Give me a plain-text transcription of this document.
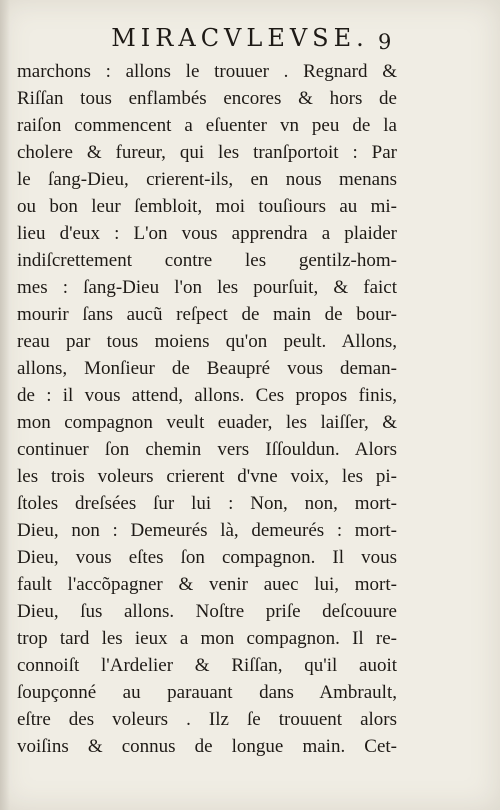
MIRACVLEVSE. 9
marchons : allons le trouuer . Regnard &
Riſſan tous enflambés encores & hors de
raiſon commencent a eſuenter vn peu de la
cholere & fureur, qui les tranſportoit : Par
le ſang-Dieu, crierent-ils, en nous menans
ou bon leur ſembloit, moi touſiours au mi-
lieu d'eux : L'on vous apprendra a plaider
indiſcrettement contre les gentilz-hom-
mes : ſang-Dieu l'on les pourſuit, & faict
mourir ſans aucũ reſpect de main de bour-
reau par tous moiens qu'on peult. Allons,
allons, Monſieur de Beaupré vous deman-
de : il vous attend, allons. Ces propos finis,
mon compagnon veult euader, les laiſſer, &
continuer ſon chemin vers Iſſouldun. Alors
les trois voleurs crierent d'vne voix, les pi-
ſtoles dreſsées ſur lui : Non, non, mort-
Dieu, non : Demeurés là, demeurés : mort-
Dieu, vous eſtes ſon compagnon. Il vous
fault l'accõpagner & venir auec lui, mort-
Dieu, ſus allons. Noſtre priſe deſcouure
trop tard les ieux a mon compagnon. Il re-
connoiſt l'Ardelier & Riſſan, qu'il auoit
ſoupçonné au parauant dans Ambrault,
eſtre des voleurs . Ilz ſe trouuent alors
voiſins & connus de longue main. Cet-
